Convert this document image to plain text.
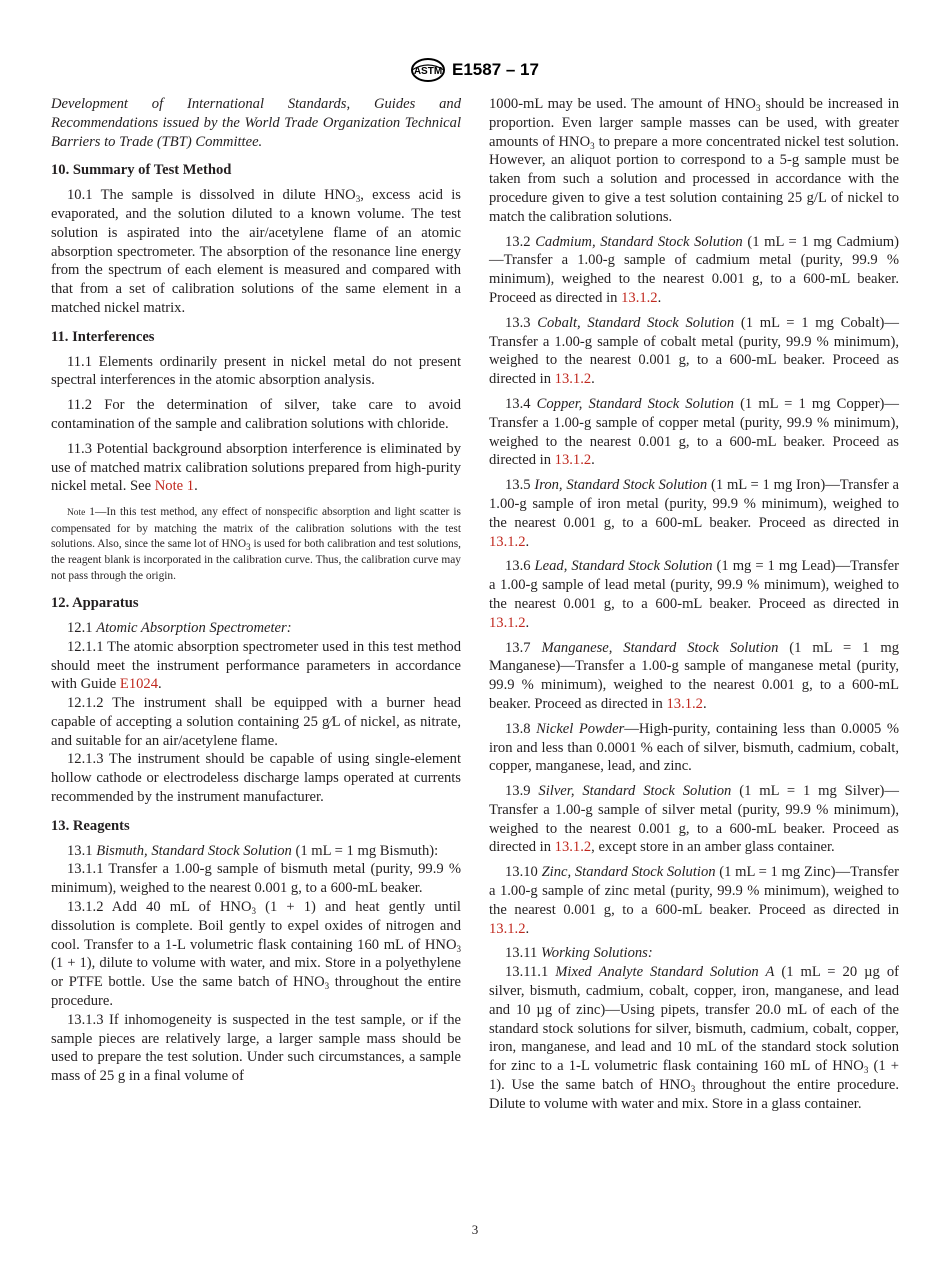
ASTM E1587 – 17

Development of International Standards, Guides and Recommendations issued by the World Trade Organization Technical Barriers to Trade (TBT) Committee.

10. Summary of Test Method

10.1 The sample is dissolved in dilute $HNO_3$, excess acid is evaporated, and the solution diluted to a known volume. The test solution is aspirated into the air/acetylene flame of an atomic absorption spectrometer. The absorption of the resonance line energy from the spectrum of each element is measured and compared with that from a set of calibration solutions of the same element in a matched nickel matrix.

11. Interferences

11.1 Elements ordinarily present in nickel metal do not present spectral interferences in the atomic absorption analysis.

11.2 For the determination of silver, take care to avoid contamination of the sample and calibration solutions with chloride.

11.3 Potential background absorption interference is eliminated by use of matched matrix calibration solutions prepared from high-purity nickel metal. See Note 1.

Note 1—In this test method, any effect of nonspecific absorption and light scatter is compensated for by matching the matrix of the calibration solutions with the test solutions. Also, since the same lot of $HNO_3$ is used for both calibration and test solutions, the reagent blank is incorporated in the calibration curve. Thus, the calibration curve may not pass through the origin.

12. Apparatus

12.1 Atomic Absorption Spectrometer:

12.1.1 The atomic absorption spectrometer used in this test method should meet the instrument performance parameters in accordance with Guide E1024.

12.1.2 The instrument shall be equipped with a burner head capable of accepting a solution containing 25 g⁄L of nickel, as nitrate, and suitable for an air/acetylene flame.

12.1.3 The instrument should be capable of using single-element hollow cathode or electrodeless discharge lamps operated at currents recommended by the instrument manufacturer.

13. Reagents

13.1 Bismuth, Standard Stock Solution (1 mL = 1 mg Bismuth):

13.1.1 Transfer a 1.00-g sample of bismuth metal (purity, 99.9 % minimum), weighed to the nearest 0.001 g, to a 600-mL beaker.

13.1.2 Add 40 mL of $HNO_3$ (1 + 1) and heat gently until dissolution is complete. Boil gently to expel oxides of nitrogen and cool. Transfer to a 1-L volumetric flask containing 160 mL of $HNO_3$ (1 + 1), dilute to volume with water, and mix. Store in a polyethylene or PTFE bottle. Use the same batch of $HNO_3$ throughout the entire procedure.

13.1.3 If inhomogeneity is suspected in the test sample, or if the sample pieces are relatively large, a larger sample mass should be used to prepare the test solution. Under such circumstances, a sample mass of 25 g in a final volume of

1000-mL may be used. The amount of $HNO_3$ should be increased in proportion. Even larger sample masses can be used, with greater amounts of $HNO_3$ to prepare a more concentrated nickel test solution. However, an aliquot portion to correspond to a 5-g sample must be taken from such a solution and processed in accordance with the procedure given to give a test solution containing 25 g/L of nickel to match the calibration solutions.

13.2 Cadmium, Standard Stock Solution (1 mL = 1 mg Cadmium)—Transfer a 1.00-g sample of cadmium metal (purity, 99.9 % minimum), weighed to the nearest 0.001 g, to a 600-mL beaker. Proceed as directed in 13.1.2.

13.3 Cobalt, Standard Stock Solution (1 mL = 1 mg Cobalt)—Transfer a 1.00-g sample of cobalt metal (purity, 99.9 % minimum), weighed to the nearest 0.001 g, to a 600-mL beaker. Proceed as directed in 13.1.2.

13.4 Copper, Standard Stock Solution (1 mL = 1 mg Copper)—Transfer a 1.00-g sample of copper metal (purity, 99.9 % minimum), weighed to the nearest 0.001 g, to a 600-mL beaker. Proceed as directed in 13.1.2.

13.5 Iron, Standard Stock Solution (1 mL = 1 mg Iron)—Transfer a 1.00-g sample of iron metal (purity, 99.9 % minimum), weighed to the nearest 0.001 g, to a 600-mL beaker. Proceed as directed in 13.1.2.

13.6 Lead, Standard Stock Solution (1 mg = 1 mg Lead)—Transfer a 1.00-g sample of lead metal (purity, 99.9 % minimum), weighed to the nearest 0.001 g, to a 600-mL beaker. Proceed as directed in 13.1.2.

13.7 Manganese, Standard Stock Solution (1 mL = 1 mg Manganese)—Transfer a 1.00-g sample of manganese metal (purity, 99.9 % minimum), weighed to the nearest 0.001 g, to a 600-mL beaker. Proceed as directed in 13.1.2.

13.8 Nickel Powder—High-purity, containing less than 0.0005 % iron and less than 0.0001 % each of silver, bismuth, cadmium, cobalt, copper, manganese, lead, and zinc.

13.9 Silver, Standard Stock Solution (1 mL = 1 mg Silver)—Transfer a 1.00-g sample of silver metal (purity, 99.9 % minimum), weighed to the nearest 0.001 g, to a 600-mL beaker. Proceed as directed in 13.1.2, except store in an amber glass container.

13.10 Zinc, Standard Stock Solution (1 mL = 1 mg Zinc)—Transfer a 1.00-g sample of zinc metal (purity, 99.9 % minimum), weighed to the nearest 0.001 g, to a 600-mL beaker. Proceed as directed in 13.1.2.

13.11 Working Solutions:

13.11.1 Mixed Analyte Standard Solution A (1 mL = 20 µg of silver, bismuth, cadmium, cobalt, copper, iron, manganese, and lead and 10 µg of zinc)—Using pipets, transfer 20.0 mL of each of the standard stock solutions for silver, bismuth, cadmium, cobalt, copper, iron, manganese, and lead and 10 mL of the standard stock solution for zinc to a 1-L volumetric flask containing 160 mL of $HNO_3$ (1 + 1). Use the same batch of $HNO_3$ throughout the entire procedure. Dilute to volume with water and mix. Store in a glass container.

3
